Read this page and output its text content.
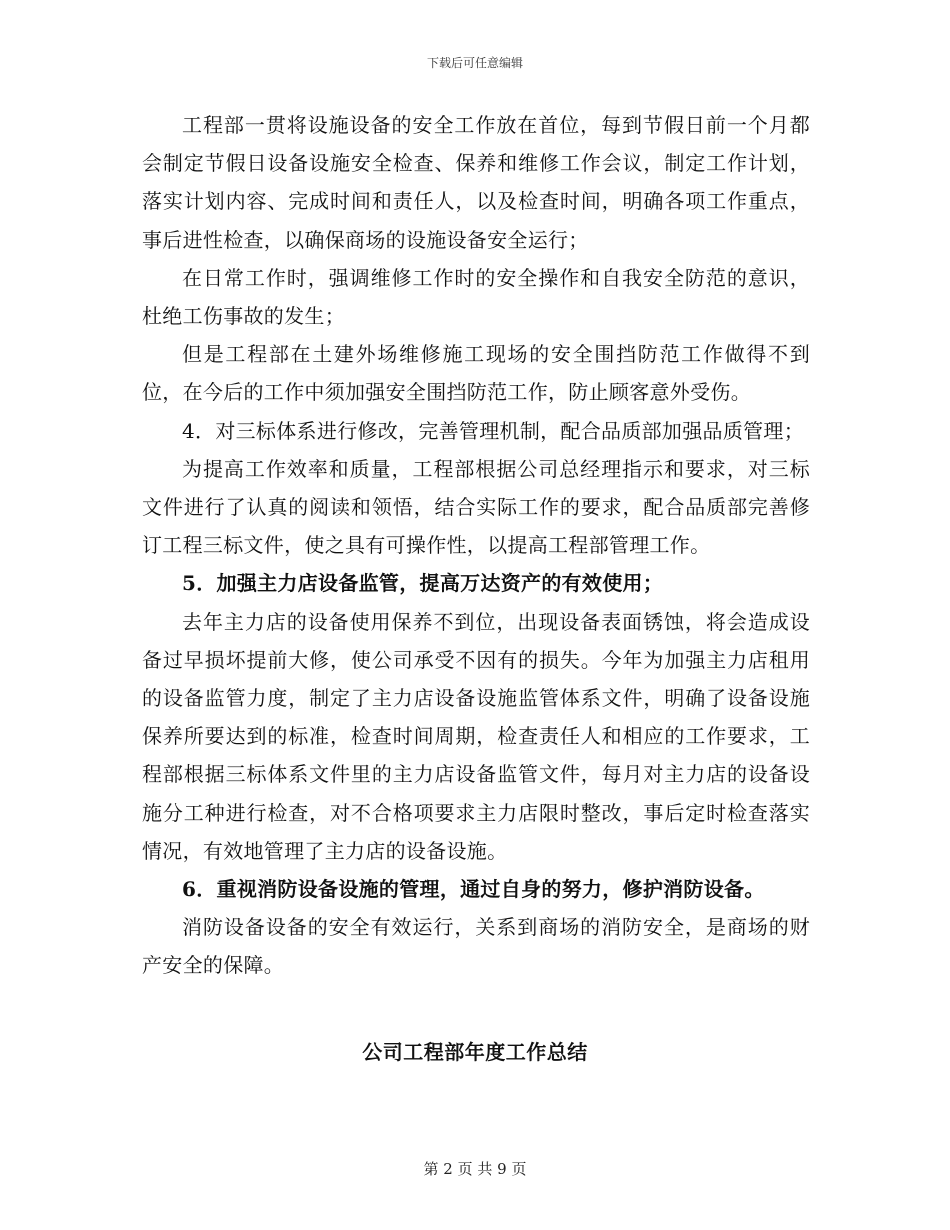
下载后可任意编辑

工程部一贯将设施设备的安全工作放在首位，每到节假日前一个月都会制定节假日设备设施安全检查、保养和维修工作会议，制定工作计划，落实计划内容、完成时间和责任人，以及检查时间，明确各项工作重点，事后进性检查，以确保商场的设施设备安全运行；

在日常工作时，强调维修工作时的安全操作和自我安全防范的意识，杜绝工伤事故的发生；

但是工程部在土建外场维修施工现场的安全围挡防范工作做得不到位，在今后的工作中须加强安全围挡防范工作，防止顾客意外受伤。

4．对三标体系进行修改，完善管理机制，配合品质部加强品质管理；

为提高工作效率和质量，工程部根据公司总经理指示和要求，对三标文件进行了认真的阅读和领悟，结合实际工作的要求，配合品质部完善修订工程三标文件，使之具有可操作性，以提高工程部管理工作。

5．加强主力店设备监管，提高万达资产的有效使用；

去年主力店的设备使用保养不到位，出现设备表面锈蚀，将会造成设备过早损坏提前大修，使公司承受不因有的损失。今年为加强主力店租用的设备监管力度，制定了主力店设备设施监管体系文件，明确了设备设施保养所要达到的标准，检查时间周期，检查责任人和相应的工作要求，工程部根据三标体系文件里的主力店设备监管文件，每月对主力店的设备设施分工种进行检查，对不合格项要求主力店限时整改，事后定时检查落实情况，有效地管理了主力店的设备设施。

6．重视消防设备设施的管理，通过自身的努力，修护消防设备。

消防设备设备的安全有效运行，关系到商场的消防安全，是商场的财产安全的保障。

公司工程部年度工作总结
第 2 页 共 9 页
